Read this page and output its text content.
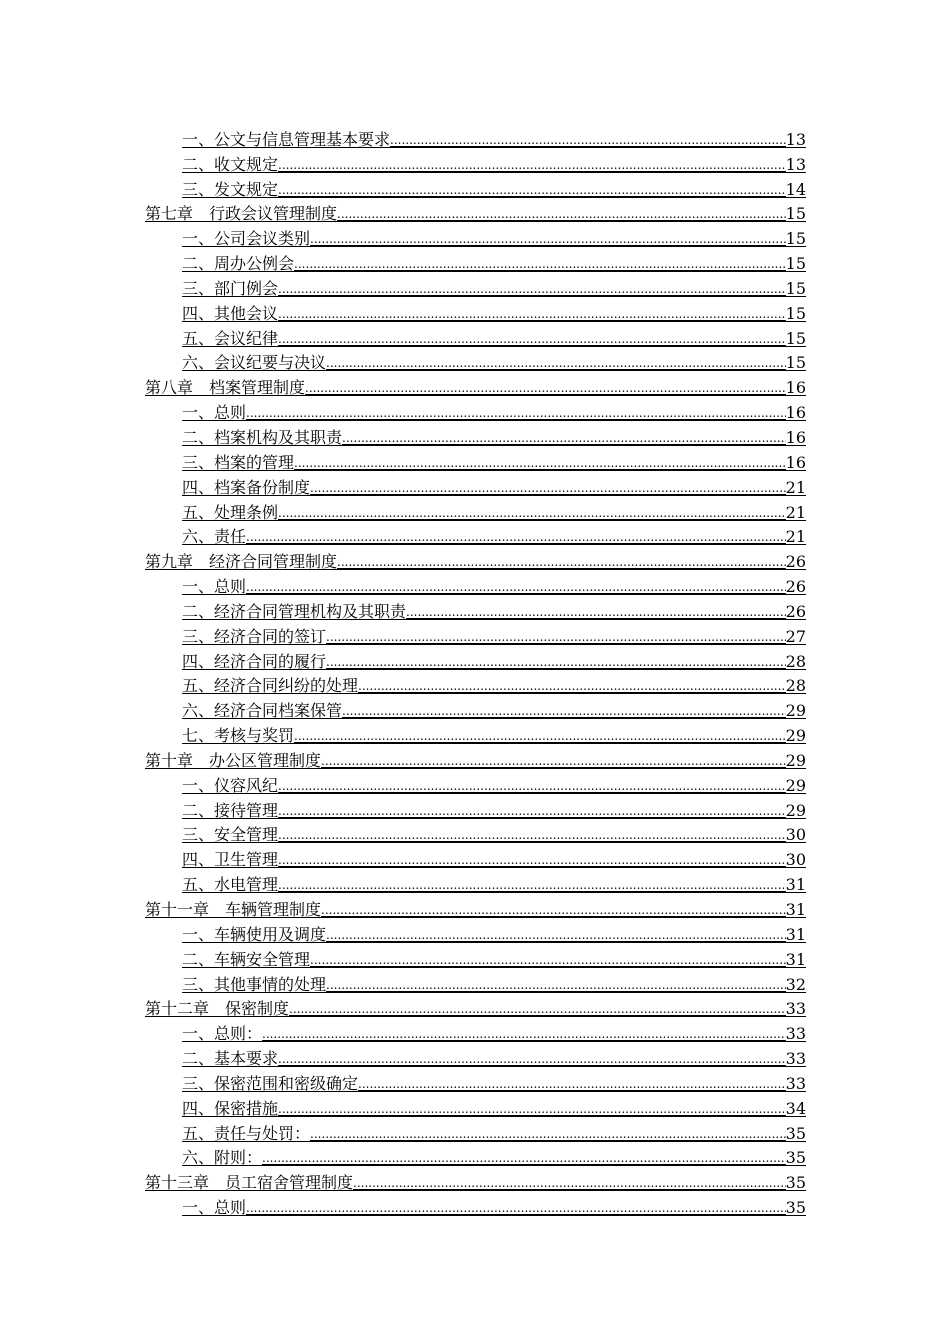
一、公文与信息管理基本要求 .....	13
二、收文规定 .....	13
三、发文规定 .....	14
第七章　行政会议管理制度 .....	15
一、公司会议类别 .....	15
二、周办公例会 .....	15
三、部门例会 .....	15
四、其他会议 .....	15
五、会议纪律 .....	15
六、会议纪要与决议 .....	15
第八章　档案管理制度 .....	16
一、总则 .....	16
二、档案机构及其职责 .....	16
三、档案的管理 .....	16
四、档案备份制度 .....	21
五、处理条例 .....	21
六、责任 .....	21
第九章　经济合同管理制度 .....	26
一、总则 .....	26
二、经济合同管理机构及其职责 .....	26
三、经济合同的签订 .....	27
四、经济合同的履行 .....	28
五、经济合同纠纷的处理 .....	28
六、经济合同档案保管 .....	29
七、考核与奖罚 .....	29
第十章　办公区管理制度 .....	29
一、仪容风纪 .....	29
二、接待管理 .....	29
三、安全管理 .....	30
四、卫生管理 .....	30
五、水电管理 .....	31
第十一章　车辆管理制度 .....	31
一、车辆使用及调度 .....	31
二、车辆安全管理 .....	31
三、其他事情的处理 .....	32
第十二章　保密制度 .....	33
一、总则： .....	33
二、基本要求 .....	33
三、保密范围和密级确定 .....	33
四、保密措施 .....	34
五、责任与处罚： .....	35
六、附则： .....	35
第十三章　员工宿舍管理制度 .....	35
一、总则 .....	35
